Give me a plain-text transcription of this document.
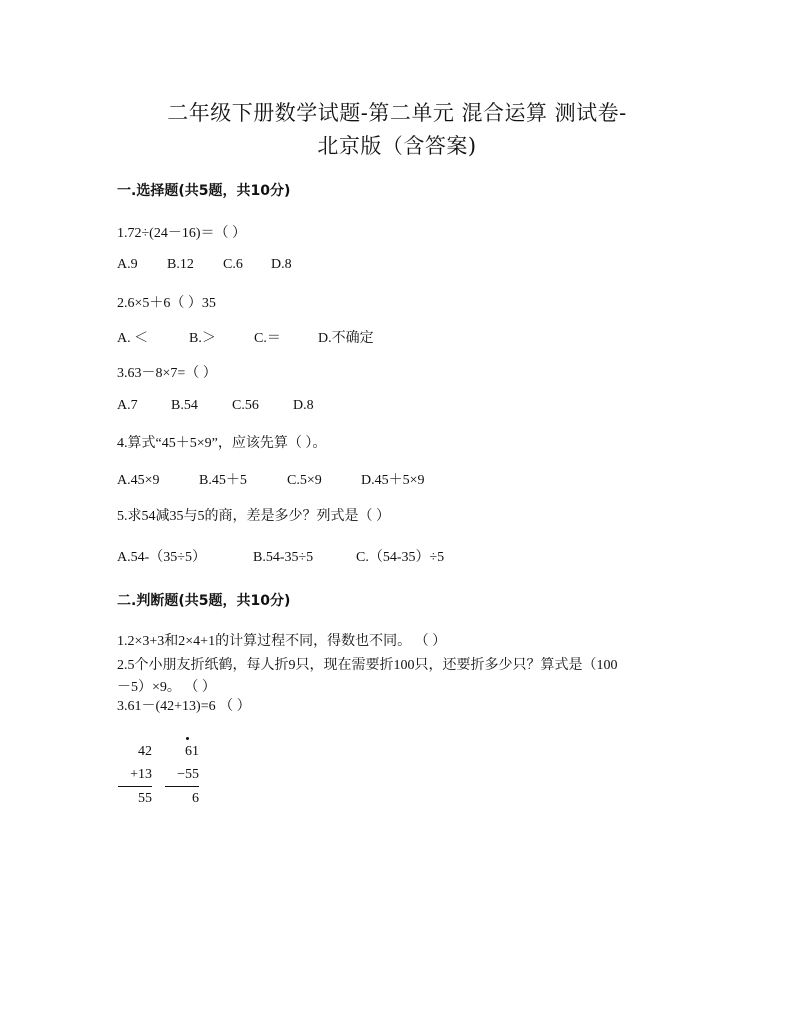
二年级下册数学试题-第二单元 混合运算 测试卷-
北京版（含答案)
一.选择题(共5题，共10分)
1.72÷(24－16)＝（ ）
A.9 B.12 C.6 D.8
2.6×5＋6（ ）35
A. ＜	B.＞	C.＝	D.不确定
3.63－8×7=（ ）
A.7 B.54 C.56 D.8
4.算式“45＋5×9”，应该先算（ ）。
A.45×9	B.45＋5	C.5×9	D.45＋5×9
5.求54减35与5的商，差是多少？列式是（ ）
A.54-（35÷5）	B.54-35÷5	C.（54-35）÷5
二.判断题(共5题，共10分)
1.2×3+3和2×4+1的计算过程不同，得数也不同。 （ ）
2.5个小朋友折纸鹤，每人折9只，现在需要折100只，还要折多少只？算式是（100
－5）×9。 （ ）
3.61－(42+13)=6 （ ）
42
+13
55
61
−55
6
